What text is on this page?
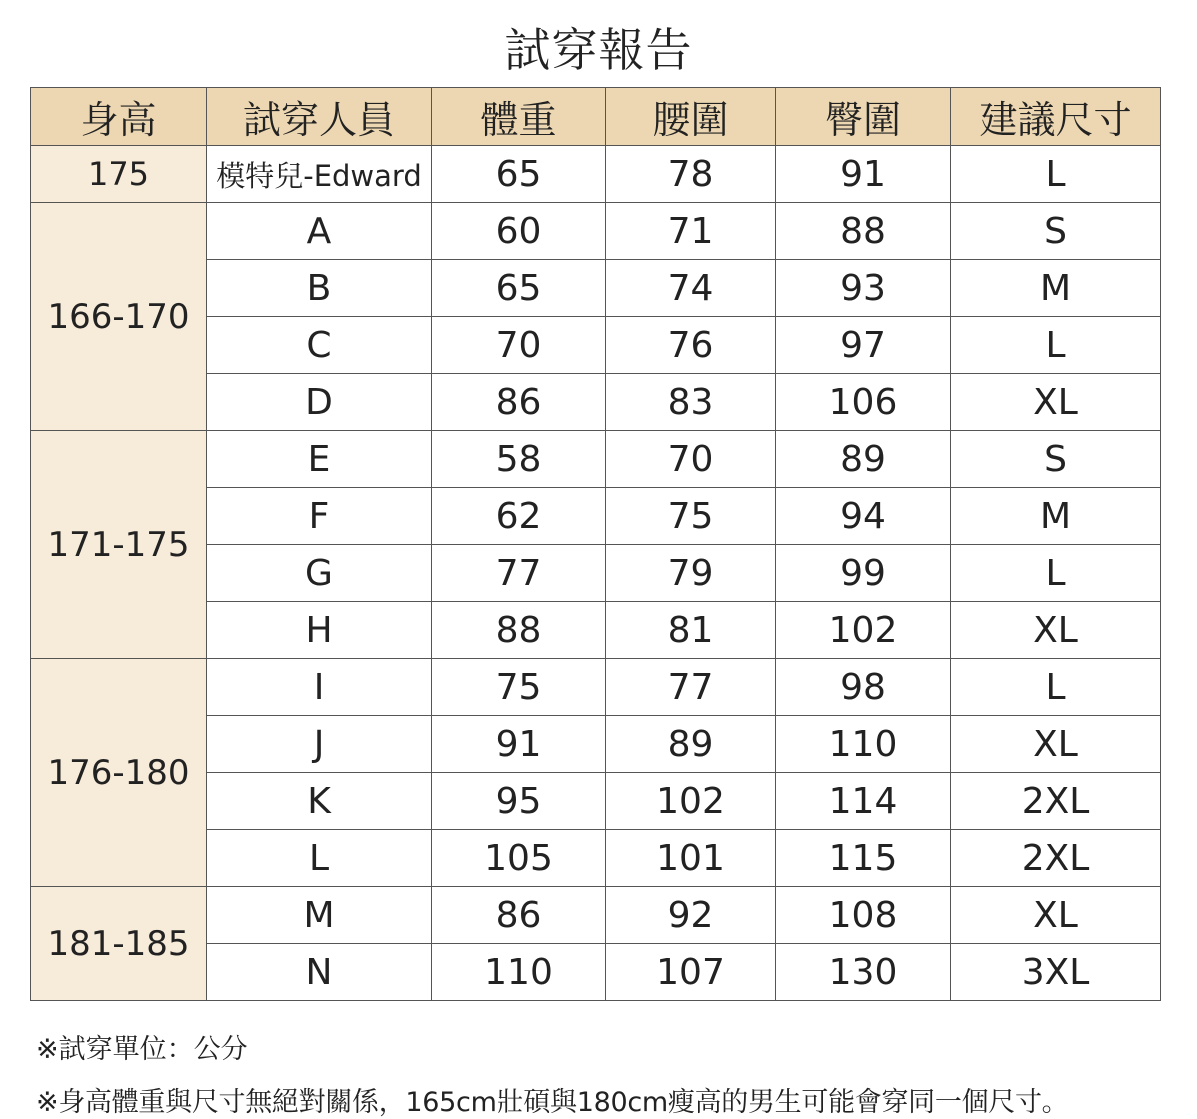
試穿報告
身高	試穿人員	體重	腰圍	臀圍	建議尺寸
175	模特兒-Edward	65	78	91	L
166-170	A	60	71	88	S
	B	65	74	93	M
	C	70	76	97	L
	D	86	83	106	XL
171-175	E	58	70	89	S
	F	62	75	94	M
	G	77	79	99	L
	H	88	81	102	XL
176-180	I	75	77	98	L
	J	91	89	110	XL
	K	95	102	114	2XL
	L	105	101	115	2XL
181-185	M	86	92	108	XL
	N	110	107	130	3XL
※試穿單位：公分
※身高體重與尺寸無絕對關係，165cm壯碩與180cm瘦高的男生可能會穿同一個尺寸。
